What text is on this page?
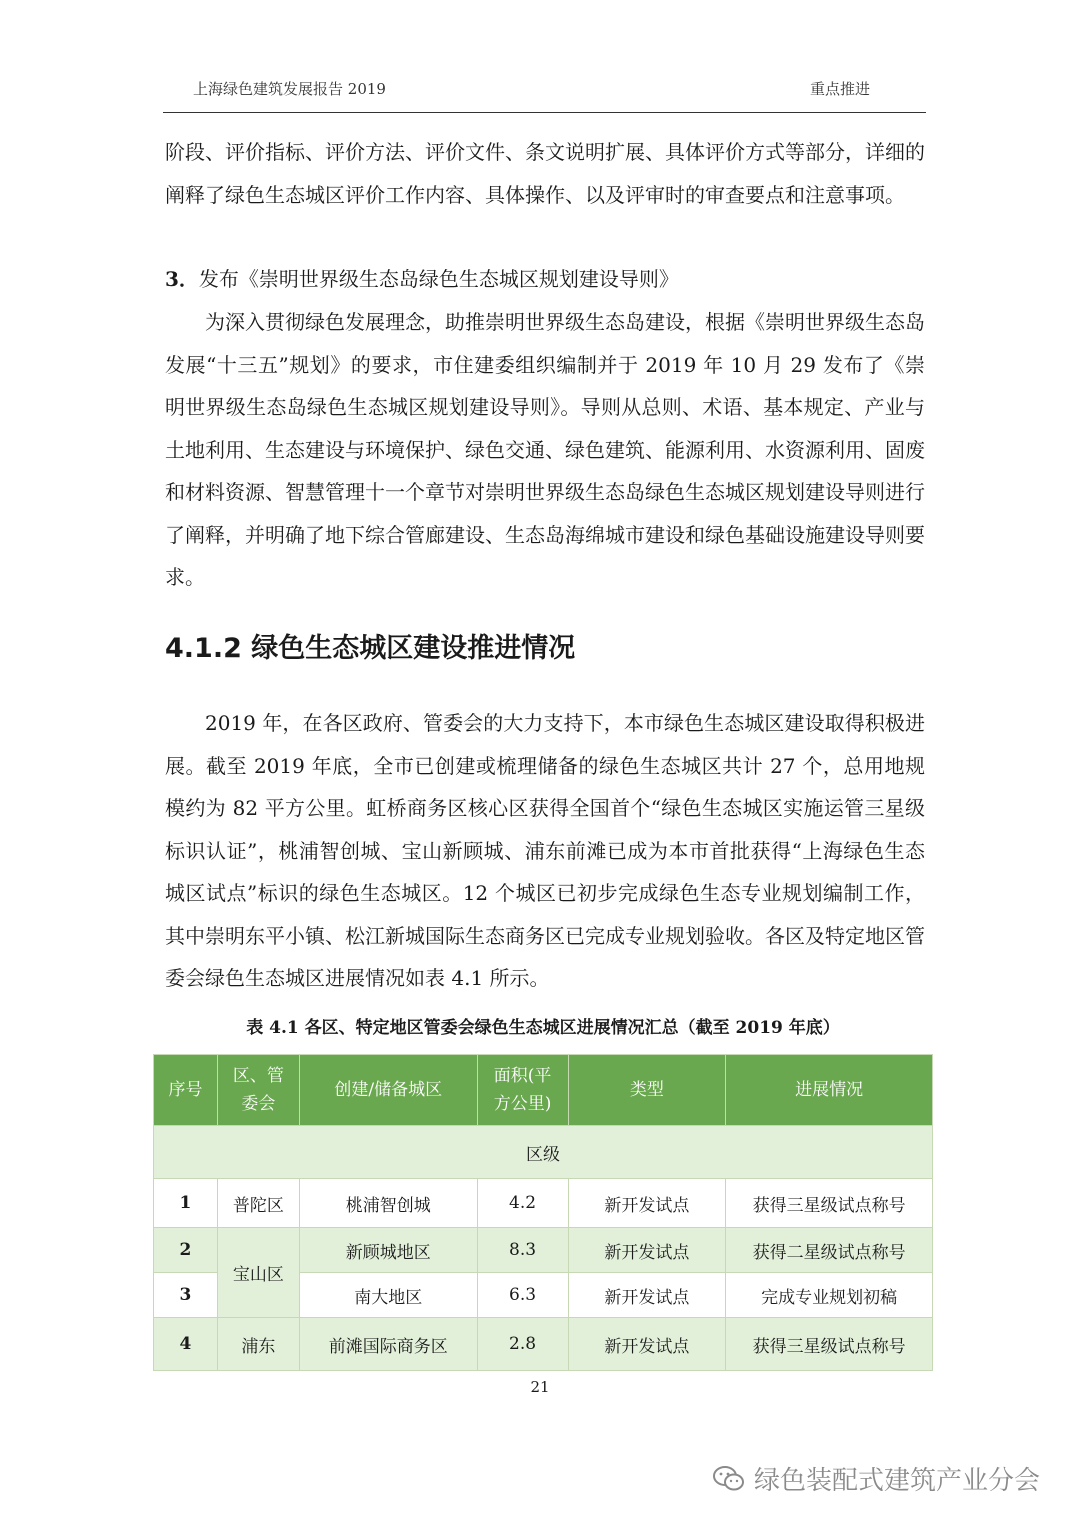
上海绿色建筑发展报告 2019	重点推进

阶段、评价指标、评价方法、评价文件、条文说明扩展、具体评价方式等部分，详细的阐释了绿色生态城区评价工作内容、具体操作、以及评审时的审查要点和注意事项。

3．发布《崇明世界级生态岛绿色生态城区规划建设导则》

为深入贯彻绿色发展理念，助推崇明世界级生态岛建设，根据《崇明世界级生态岛发展“十三五”规划》的要求，市住建委组织编制并于 2019 年 10 月 29 发布了《崇明世界级生态岛绿色生态城区规划建设导则》。导则从总则、术语、基本规定、产业与土地利用、生态建设与环境保护、绿色交通、绿色建筑、能源利用、水资源利用、固废和材料资源、智慧管理十一个章节对崇明世界级生态岛绿色生态城区规划建设导则进行了阐释，并明确了地下综合管廊建设、生态岛海绵城市建设和绿色基础设施建设导则要求。

4.1.2 绿色生态城区建设推进情况

2019 年，在各区政府、管委会的大力支持下，本市绿色生态城区建设取得积极进展。截至 2019 年底，全市已创建或梳理储备的绿色生态城区共计 27 个，总用地规模约为 82 平方公里。虹桥商务区核心区获得全国首个“绿色生态城区实施运管三星级标识认证”，桃浦智创城、宝山新顾城、浦东前滩已成为本市首批获得“上海绿色生态城区试点”标识的绿色生态城区。12 个城区已初步完成绿色生态专业规划编制工作，其中崇明东平小镇、松江新城国际生态商务区已完成专业规划验收。各区及特定地区管委会绿色生态城区进展情况如表 4.1 所示。

表 4.1 各区、特定地区管委会绿色生态城区进展情况汇总（截至 2019 年底）
序号	区、管委会	创建/储备城区	面积(平方公里)	类型	进展情况
区级					
1	普陀区	桃浦智创城	4.2	新开发试点	获得三星级试点称号
2	宝山区	新顾城地区	8.3	新开发试点	获得二星级试点称号
3		南大地区	6.3	新开发试点	完成专业规划初稿
4	浦东	前滩国际商务区	2.8	新开发试点	获得三星级试点称号
21
绿色装配式建筑产业分会
